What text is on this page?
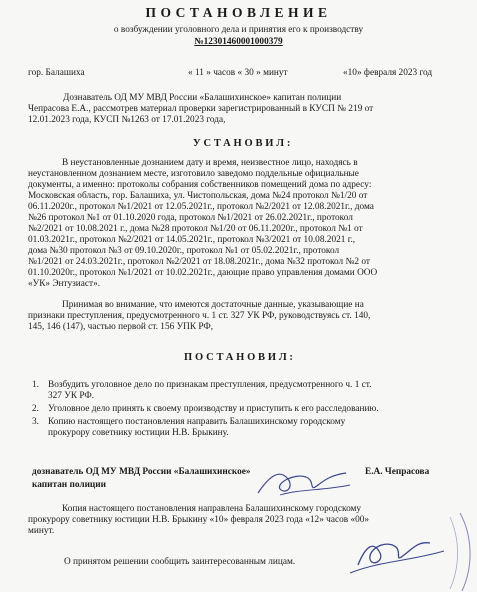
ПОСТАНОВЛЕНИЕ
о возбуждении уголовного дела и принятия его к производству
№12301460001000379
гор. Балашиха	« 11 » часов « 30 » минут	«10» февраля 2023 год
Дознаватель ОД МУ МВД России «Балашихинское» капитан полиции
Чепрасова Е.А., рассмотрев материал проверки зарегистрированный в КУСП № 219 от
12.01.2023 года, КУСП №1263 от 17.01.2023 года,
УСТАНОВИЛ:
В неустановленные дознанием дату и время, неизвестное лицо, находясь в
неустановленном дознанием месте, изготовило заведомо поддельные официальные
документы, а именно: протоколы собрания собственников помещений дома по адресу:
Московская область, гор. Балашиха, ул. Чистопольская, дома №24 протокол №1/20 от
06.11.2020г., протокол №1/2021 от 12.05.2021г., протокол №2/2021 от 12.08.2021г., дома
№26 протокол №1 от 01.10.2020 года, протокол №1/2021 от 26.02.2021г., протокол
№2/2021 от 10.08.2021 г., дома №28 протокол №1/20 от 06.11.2020г., протокол №1 от
01.03.2021г., протокол №2/2021 от 14.05.2021г., протокол №3/2021 от 10.08.2021 г.,
дома №30 протокол №3 от 09.10.2020г., протокол №1 от 05.02.2021г., протокол
№1/2021 от 24.03.2021г., протокол №2/2021 от 18.08.2021г., дома №32 протокол №2 от
01.10.2020г., протокол №1/2021 от 10.02.2021г., дающие право управления домами ООО
«УК» Энтузиаст».
Принимая во внимание, что имеются достаточные данные, указывающие на
признаки преступления, предусмотренного ч. 1 ст. 327 УК РФ, руководствуясь ст. 140,
145, 146 (147), частью первой ст. 156 УПК РФ,
ПОСТАНОВИЛ:
1. Возбудить уголовное дело по признакам преступления, предусмотренного ч. 1 ст.
327 УК РФ.
2. Уголовное дело принять к своему производству и приступить к его расследованию.
3. Копию настоящего постановления направить Балашихинскому городскому
прокурору советнику юстиции Н.В. Брыкину.
дознаватель ОД МУ МВД России «Балашихинское»
капитан полиции
Е.А. Чепрасова
Копия настоящего постановления направлена Балашихинскому городскому
прокурору советнику юстиции Н.В. Брыкину «10» февраля 2023 года «12» часов «00»
минут.
О принятом решении сообщить заинтересованным лицам.
